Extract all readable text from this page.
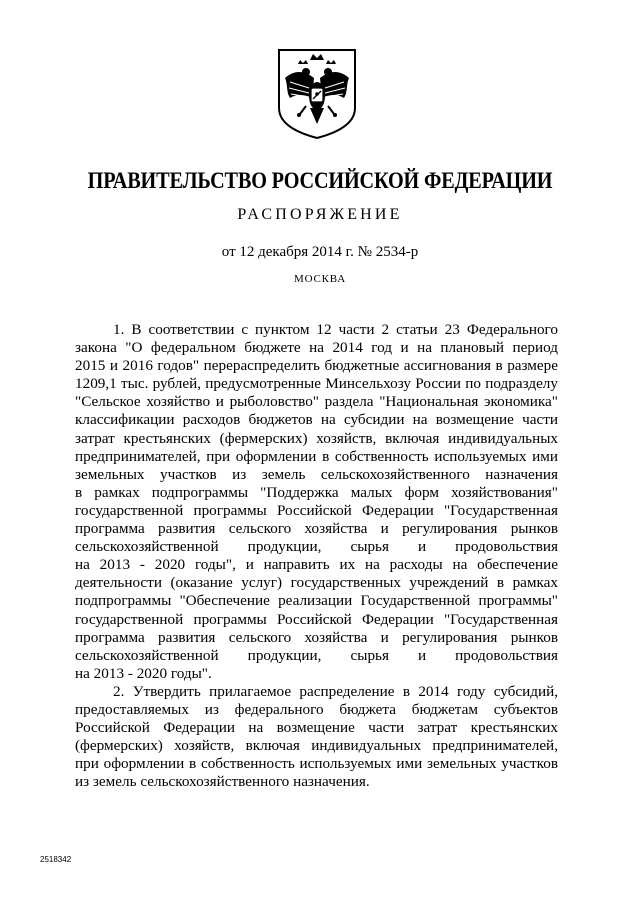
ПРАВИТЕЛЬСТВО РОССИЙСКОЙ ФЕДЕРАЦИИ
РАСПОРЯЖЕНИЕ
от 12 декабря 2014 г. № 2534-р
МОСКВА
1. В соответствии с пунктом 12 части 2 статьи 23 Федерального
закона "О федеральном бюджете на 2014 год и на плановый период
2015 и 2016 годов" перераспределить бюджетные ассигнования в размере
1209,1 тыс. рублей, предусмотренные Минсельхозу России по подразделу
"Сельское хозяйство и рыболовство" раздела "Национальная экономика"
классификации расходов бюджетов на субсидии на возмещение части
затрат крестьянских (фермерских) хозяйств, включая индивидуальных
предпринимателей, при оформлении в собственность используемых ими
земельных участков из земель сельскохозяйственного назначения
в рамках подпрограммы "Поддержка малых форм хозяйствования"
государственной программы Российской Федерации "Государственная
программа развития сельского хозяйства и регулирования рынков
сельскохозяйственной продукции, сырья и продовольствия
на 2013 - 2020 годы", и направить их на расходы на обеспечение
деятельности (оказание услуг) государственных учреждений в рамках
подпрограммы "Обеспечение реализации Государственной программы"
государственной программы Российской Федерации "Государственная
программа развития сельского хозяйства и регулирования рынков
сельскохозяйственной продукции, сырья и продовольствия
на 2013 - 2020 годы".
2. Утвердить прилагаемое распределение в 2014 году субсидий,
предоставляемых из федерального бюджета бюджетам субъектов
Российской Федерации на возмещение части затрат крестьянских
(фермерских) хозяйств, включая индивидуальных предпринимателей,
при оформлении в собственность используемых ими земельных участков
из земель сельскохозяйственного назначения.
2518342
